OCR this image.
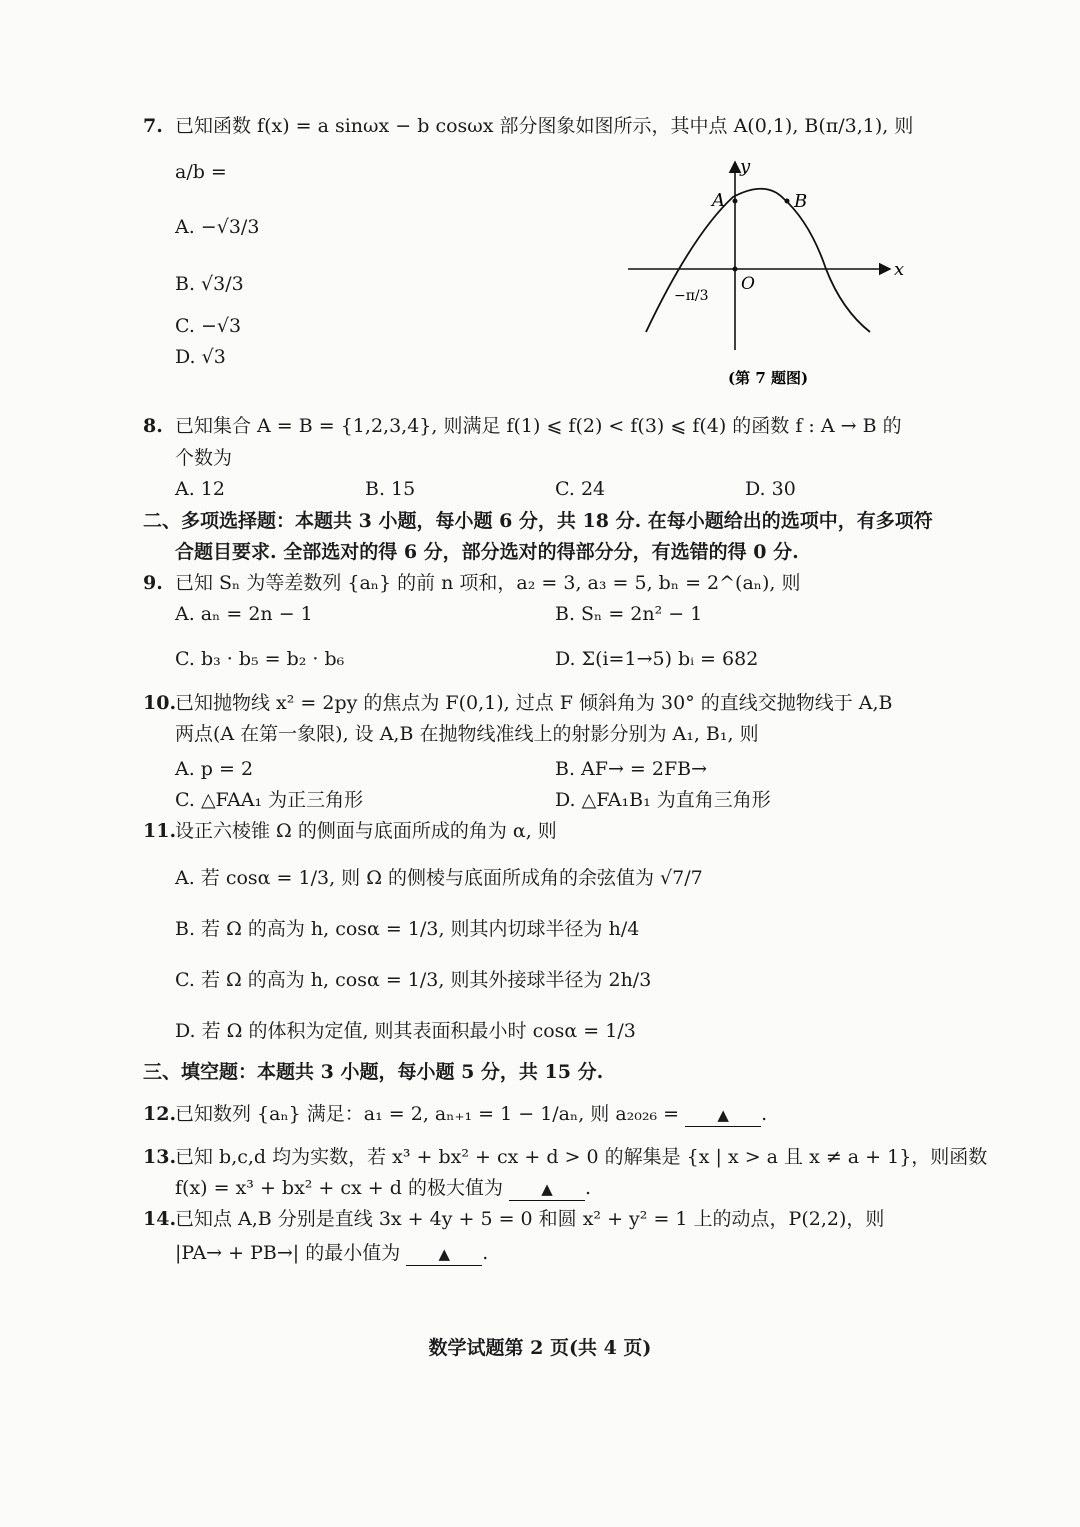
7. 已知函数 f(x) = a sinωx − b cosωx 部分图象如图所示，其中点 A(0,1), B(π/3,1), 则
a/b =
A. −√3/3
B. √3/3
C. −√3
D. √3
y
x
O
A	B
−π/3
(第 7 题图)
8. 已知集合 A = B = {1,2,3,4}, 则满足 f(1) ⩽ f(2) < f(3) ⩽ f(4) 的函数 f : A → B 的
个数为
A. 12	B. 15	C. 24	D. 30
二、多项选择题：本题共 3 小题，每小题 6 分，共 18 分. 在每小题给出的选项中，有多项符
合题目要求. 全部选对的得 6 分，部分选对的得部分分，有选错的得 0 分.
9. 已知 Sₙ 为等差数列 {aₙ} 的前 n 项和，a₂ = 3, a₃ = 5, bₙ = 2^(aₙ), 则
A. aₙ = 2n − 1	B. Sₙ = 2n² − 1
C. b₃ · b₅ = b₂ · b₆	D. Σ(i=1→5) bᵢ = 682
10.已知抛物线 x² = 2py 的焦点为 F(0,1), 过点 F 倾斜角为 30° 的直线交抛物线于 A,B
两点(A 在第一象限), 设 A,B 在抛物线准线上的射影分别为 A₁, B₁, 则
A. p = 2	B. AF→ = 2FB→
C. △FAA₁ 为正三角形	D. △FA₁B₁ 为直角三角形
11.设正六棱锥 Ω 的侧面与底面所成的角为 α, 则
A. 若 cosα = 1/3, 则 Ω 的侧棱与底面所成角的余弦值为 √7/7
B. 若 Ω 的高为 h, cosα = 1/3, 则其内切球半径为 h/4
C. 若 Ω 的高为 h, cosα = 1/3, 则其外接球半径为 2h/3
D. 若 Ω 的体积为定值, 则其表面积最小时 cosα = 1/3
三、填空题：本题共 3 小题，每小题 5 分，共 15 分.
12.已知数列 {aₙ} 满足：a₁ = 2, aₙ₊₁ = 1 − 1/aₙ, 则 a₂₀₂₆ =	▲ .
13.已知 b,c,d 均为实数，若 x³ + bx² + cx + d > 0 的解集是 {x | x > a 且 x ≠ a + 1}，则函数
f(x) = x³ + bx² + cx + d 的极大值为	▲ .
14.已知点 A,B 分别是直线 3x + 4y + 5 = 0 和圆 x² + y² = 1 上的动点，P(2,2)，则
|PA→ + PB→| 的最小值为	▲ .
数学试题第 2 页(共 4 页)
